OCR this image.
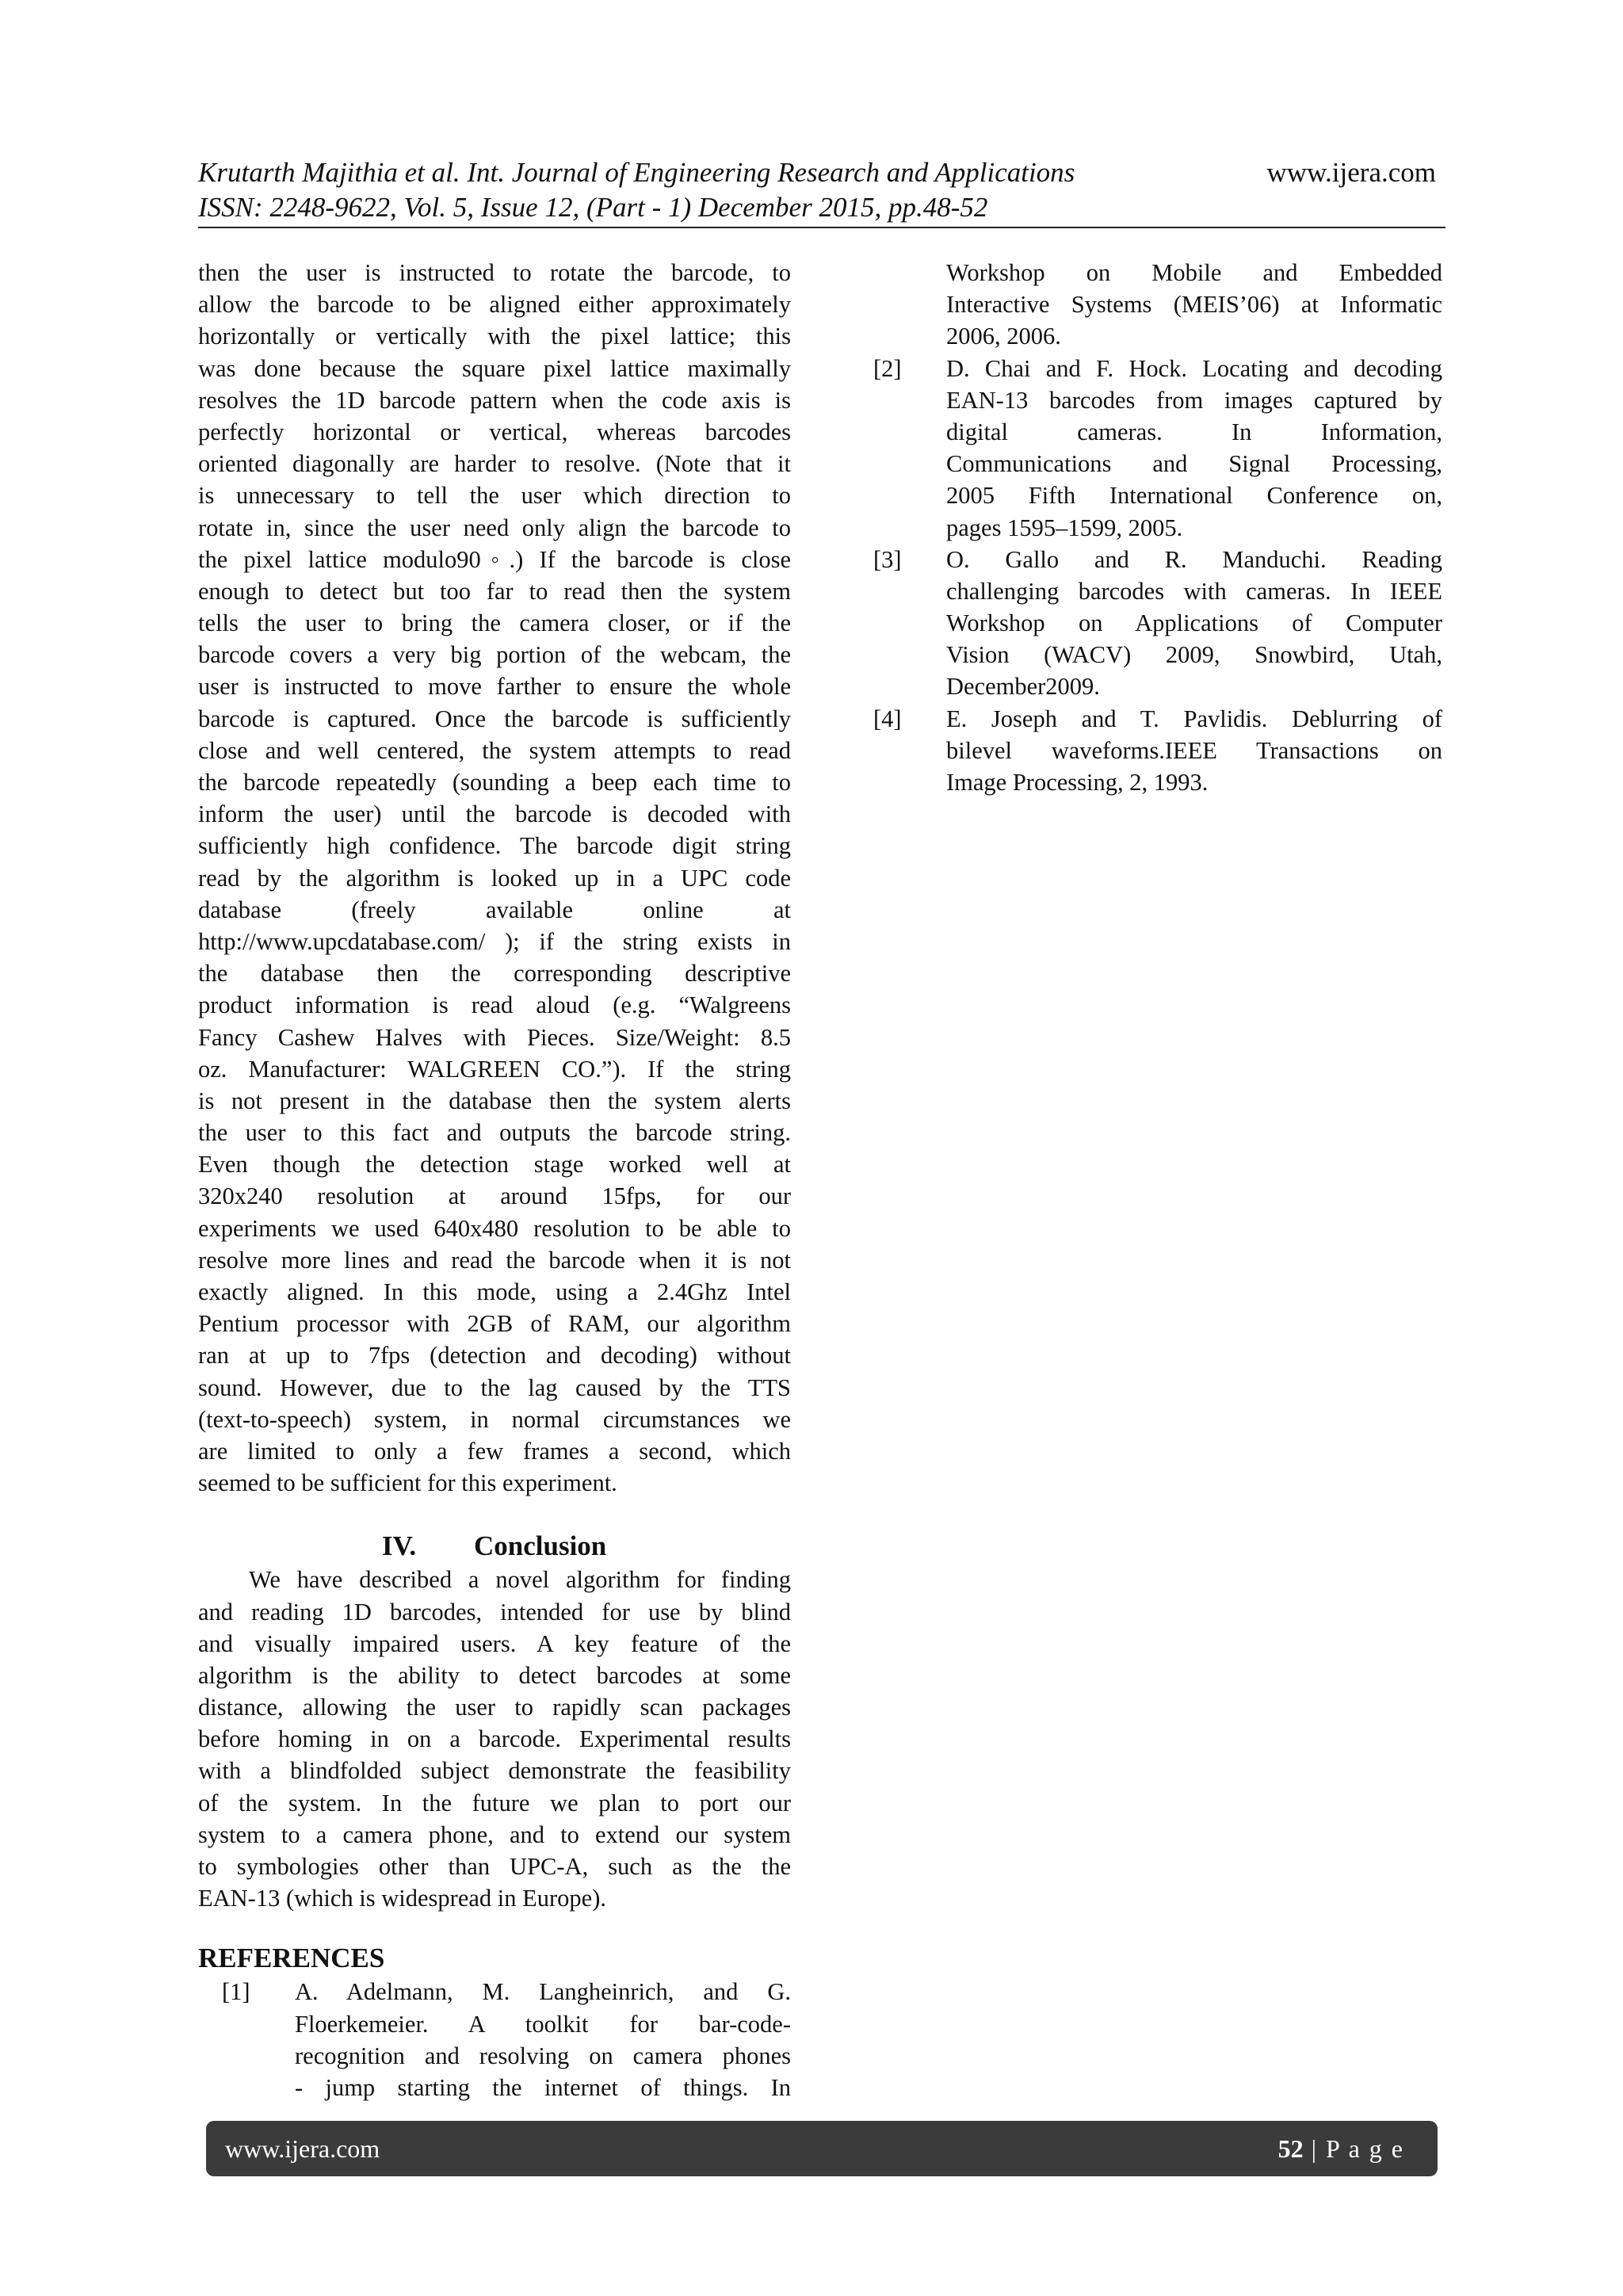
Krutarth Majithia et al. Int. Journal of Engineering Research and Applications
ISSN: 2248-9622, Vol. 5, Issue 12, (Part - 1) December 2015, pp.48-52
www.ijera.com
then the user is instructed to rotate the barcode, to
allow the barcode to be aligned either approximately
horizontally or vertically with the pixel lattice; this
was done because the square pixel lattice maximally
resolves the 1D barcode pattern when the code axis is
perfectly horizontal or vertical, whereas barcodes
oriented diagonally are harder to resolve. (Note that it
is unnecessary to tell the user which direction to
rotate in, since the user need only align the barcode to
the pixel lattice modulo90◦.) If the barcode is close
enough to detect but too far to read then the system
tells the user to bring the camera closer, or if the
barcode covers a very big portion of the webcam, the
user is instructed to move farther to ensure the whole
barcode is captured. Once the barcode is sufficiently
close and well centered, the system attempts to read
the barcode repeatedly (sounding a beep each time to
inform the user) until the barcode is decoded with
sufficiently high confidence. The barcode digit string
read by the algorithm is looked up in a UPC code
database (freely available online at
http://www.upcdatabase.com/ ); if the string exists in
the database then the corresponding descriptive
product information is read aloud (e.g. “Walgreens
Fancy Cashew Halves with Pieces. Size/Weight: 8.5
oz. Manufacturer: WALGREEN CO.”). If the string
is not present in the database then the system alerts
the user to this fact and outputs the barcode string.
Even though the detection stage worked well at
320x240 resolution at around 15fps, for our
experiments we used 640x480 resolution to be able to
resolve more lines and read the barcode when it is not
exactly aligned. In this mode, using a 2.4Ghz Intel
Pentium processor with 2GB of RAM, our algorithm
ran at up to 7fps (detection and decoding) without
sound. However, due to the lag caused by the TTS
(text-to-speech) system, in normal circumstances we
are limited to only a few frames a second, which
seemed to be sufficient for this experiment.
IV. Conclusion
We have described a novel algorithm for finding
and reading 1D barcodes, intended for use by blind
and visually impaired users. A key feature of the
algorithm is the ability to detect barcodes at some
distance, allowing the user to rapidly scan packages
before homing in on a barcode. Experimental results
with a blindfolded subject demonstrate the feasibility
of the system. In the future we plan to port our
system to a camera phone, and to extend our system
to symbologies other than UPC-A, such as the the
EAN-13 (which is widespread in Europe).
REFERENCES
[1] A. Adelmann, M. Langheinrich, and G.
Floerkemeier. A toolkit for bar-code-
recognition and resolving on camera phones
- jump starting the internet of things. In
Workshop on Mobile and Embedded
Interactive Systems (MEIS’06) at Informatic
2006, 2006.
[2] D. Chai and F. Hock. Locating and decoding
EAN-13 barcodes from images captured by
digital cameras. In Information,
Communications and Signal Processing,
2005 Fifth International Conference on,
pages 1595–1599, 2005.
[3] O. Gallo and R. Manduchi. Reading
challenging barcodes with cameras. In IEEE
Workshop on Applications of Computer
Vision (WACV) 2009, Snowbird, Utah,
December2009.
[4] E. Joseph and T. Pavlidis. Deblurring of
bilevel waveforms.IEEE Transactions on
Image Processing, 2, 1993.
www.ijera.com	52 | P a g e
